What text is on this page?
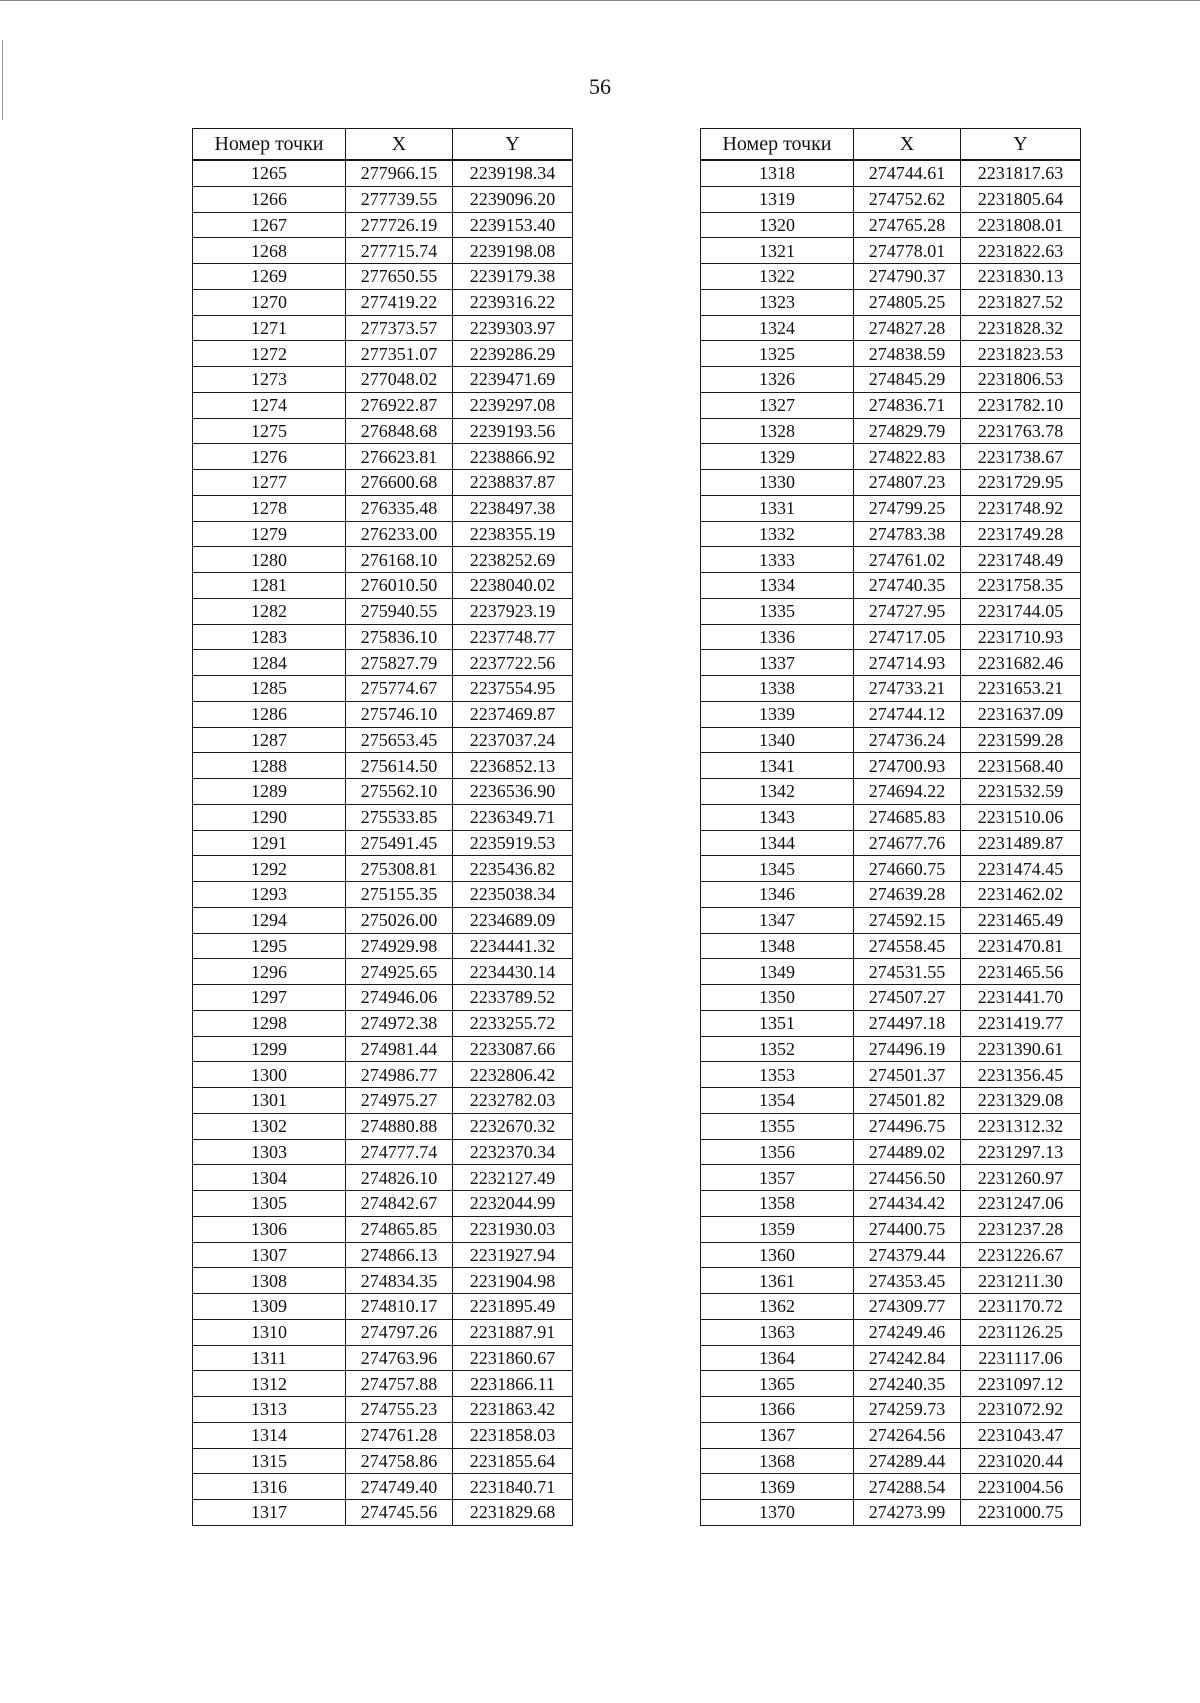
56
Номер точки	X	Y
1265	277966.15	2239198.34
1266	277739.55	2239096.20
1267	277726.19	2239153.40
1268	277715.74	2239198.08
1269	277650.55	2239179.38
1270	277419.22	2239316.22
1271	277373.57	2239303.97
1272	277351.07	2239286.29
1273	277048.02	2239471.69
1274	276922.87	2239297.08
1275	276848.68	2239193.56
1276	276623.81	2238866.92
1277	276600.68	2238837.87
1278	276335.48	2238497.38
1279	276233.00	2238355.19
1280	276168.10	2238252.69
1281	276010.50	2238040.02
1282	275940.55	2237923.19
1283	275836.10	2237748.77
1284	275827.79	2237722.56
1285	275774.67	2237554.95
1286	275746.10	2237469.87
1287	275653.45	2237037.24
1288	275614.50	2236852.13
1289	275562.10	2236536.90
1290	275533.85	2236349.71
1291	275491.45	2235919.53
1292	275308.81	2235436.82
1293	275155.35	2235038.34
1294	275026.00	2234689.09
1295	274929.98	2234441.32
1296	274925.65	2234430.14
1297	274946.06	2233789.52
1298	274972.38	2233255.72
1299	274981.44	2233087.66
1300	274986.77	2232806.42
1301	274975.27	2232782.03
1302	274880.88	2232670.32
1303	274777.74	2232370.34
1304	274826.10	2232127.49
1305	274842.67	2232044.99
1306	274865.85	2231930.03
1307	274866.13	2231927.94
1308	274834.35	2231904.98
1309	274810.17	2231895.49
1310	274797.26	2231887.91
1311	274763.96	2231860.67
1312	274757.88	2231866.11
1313	274755.23	2231863.42
1314	274761.28	2231858.03
1315	274758.86	2231855.64
1316	274749.40	2231840.71
1317	274745.56	2231829.68
Номер точки	X	Y
1318	274744.61	2231817.63
1319	274752.62	2231805.64
1320	274765.28	2231808.01
1321	274778.01	2231822.63
1322	274790.37	2231830.13
1323	274805.25	2231827.52
1324	274827.28	2231828.32
1325	274838.59	2231823.53
1326	274845.29	2231806.53
1327	274836.71	2231782.10
1328	274829.79	2231763.78
1329	274822.83	2231738.67
1330	274807.23	2231729.95
1331	274799.25	2231748.92
1332	274783.38	2231749.28
1333	274761.02	2231748.49
1334	274740.35	2231758.35
1335	274727.95	2231744.05
1336	274717.05	2231710.93
1337	274714.93	2231682.46
1338	274733.21	2231653.21
1339	274744.12	2231637.09
1340	274736.24	2231599.28
1341	274700.93	2231568.40
1342	274694.22	2231532.59
1343	274685.83	2231510.06
1344	274677.76	2231489.87
1345	274660.75	2231474.45
1346	274639.28	2231462.02
1347	274592.15	2231465.49
1348	274558.45	2231470.81
1349	274531.55	2231465.56
1350	274507.27	2231441.70
1351	274497.18	2231419.77
1352	274496.19	2231390.61
1353	274501.37	2231356.45
1354	274501.82	2231329.08
1355	274496.75	2231312.32
1356	274489.02	2231297.13
1357	274456.50	2231260.97
1358	274434.42	2231247.06
1359	274400.75	2231237.28
1360	274379.44	2231226.67
1361	274353.45	2231211.30
1362	274309.77	2231170.72
1363	274249.46	2231126.25
1364	274242.84	2231117.06
1365	274240.35	2231097.12
1366	274259.73	2231072.92
1367	274264.56	2231043.47
1368	274289.44	2231020.44
1369	274288.54	2231004.56
1370	274273.99	2231000.75
